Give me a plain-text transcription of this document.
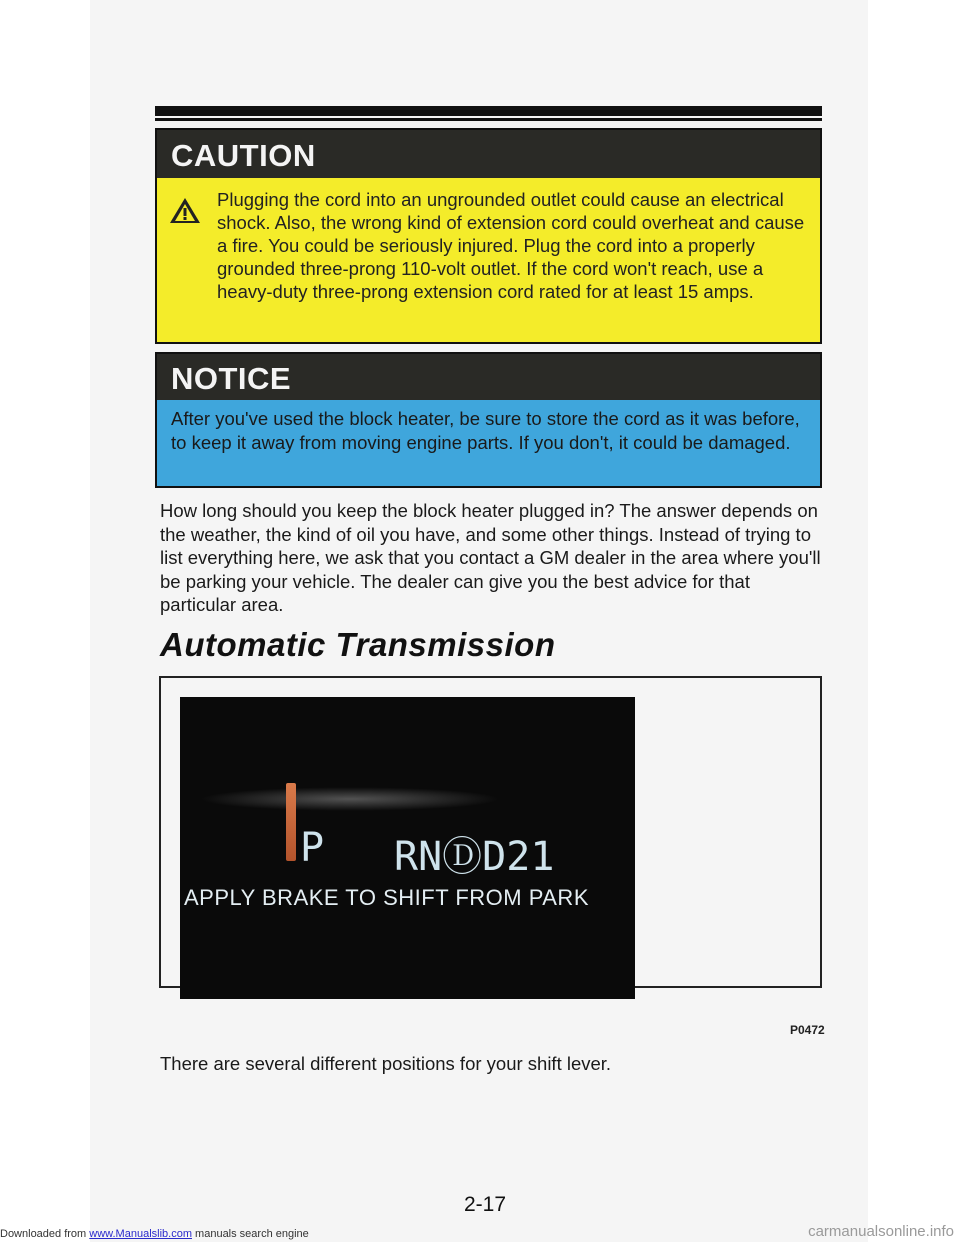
CAUTION
Plugging the cord into an ungrounded outlet could cause an electrical shock. Also, the wrong kind of extension cord could overheat and cause a fire. You could be seriously injured. Plug the cord into a properly grounded three-prong 110-volt outlet. If the cord won't reach, use a heavy-duty three-prong extension cord rated for at least 15 amps.
NOTICE
After you've used the block heater, be sure to store the cord as it was before, to keep it away from moving engine parts. If you don't, it could be damaged.
How long should you keep the block heater plugged in? The answer depends on the weather, the kind of oil you have, and some other things. Instead of trying to list everything here, we ask that you contact a GM dealer in the area where you'll be parking your vehicle. The dealer can give you the best advice for that particular area.
Automatic Transmission
P RNⒹD21
APPLY BRAKE TO SHIFT FROM PARK
P0472
There are several different positions for your shift lever.
2-17
Downloaded from www.Manualslib.com manuals search engine	carmanualsonline.info
